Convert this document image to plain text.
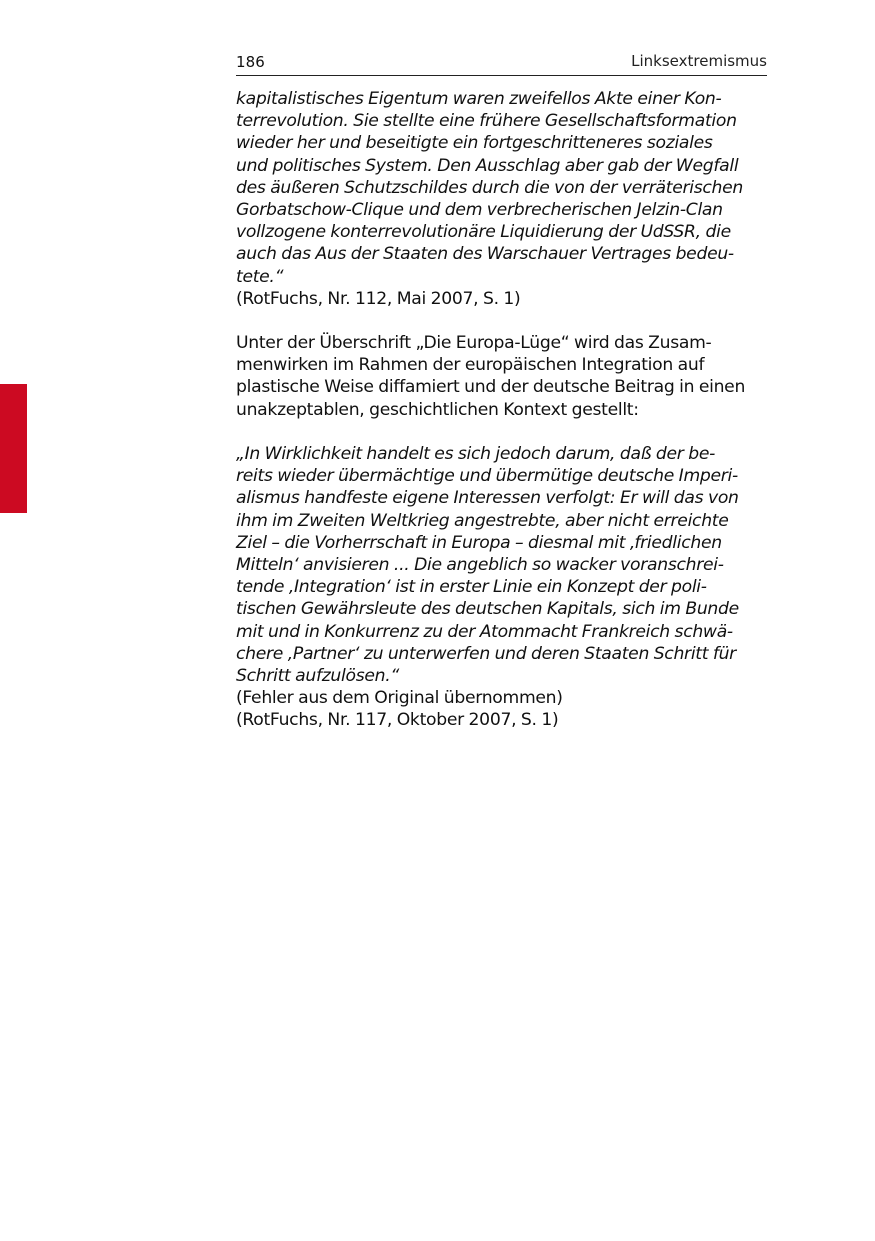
186	Linksextremismus
kapitalistisches Eigentum waren zweifellos Akte einer Kon-
terrevolution. Sie stellte eine frühere Gesellschaftsformation
wieder her und beseitigte ein fortgeschritteneres soziales
und politisches System. Den Ausschlag aber gab der Wegfall
des äußeren Schutzschildes durch die von der verräterischen
Gorbatschow-Clique und dem verbrecherischen Jelzin-Clan
vollzogene konterrevolutionäre Liquidierung der UdSSR, die
auch das Aus der Staaten des Warschauer Vertrages bedeu-
tete.“
(RotFuchs, Nr. 112, Mai 2007, S. 1)
Unter der Überschrift „Die Europa-Lüge“ wird das Zusam-
menwirken im Rahmen der europäischen Integration auf
plastische Weise diffamiert und der deutsche Beitrag in einen
unakzeptablen, geschichtlichen Kontext gestellt:
„In Wirklichkeit handelt es sich jedoch darum, daß der be-
reits wieder übermächtige und übermütige deutsche Imperi-
alismus handfeste eigene Interessen verfolgt: Er will das von
ihm im Zweiten Weltkrieg angestrebte, aber nicht erreichte
Ziel – die Vorherrschaft in Europa – diesmal mit ‚friedlichen
Mitteln‘ anvisieren ... Die angeblich so wacker voranschrei-
tende ‚Integration‘ ist in erster Linie ein Konzept der poli-
tischen Gewährsleute des deutschen Kapitals, sich im Bunde
mit und in Konkurrenz zu der Atommacht Frankreich schwä-
chere ‚Partner‘ zu unterwerfen und deren Staaten Schritt für
Schritt aufzulösen.“
(Fehler aus dem Original übernommen)
(RotFuchs, Nr. 117, Oktober 2007, S. 1)
